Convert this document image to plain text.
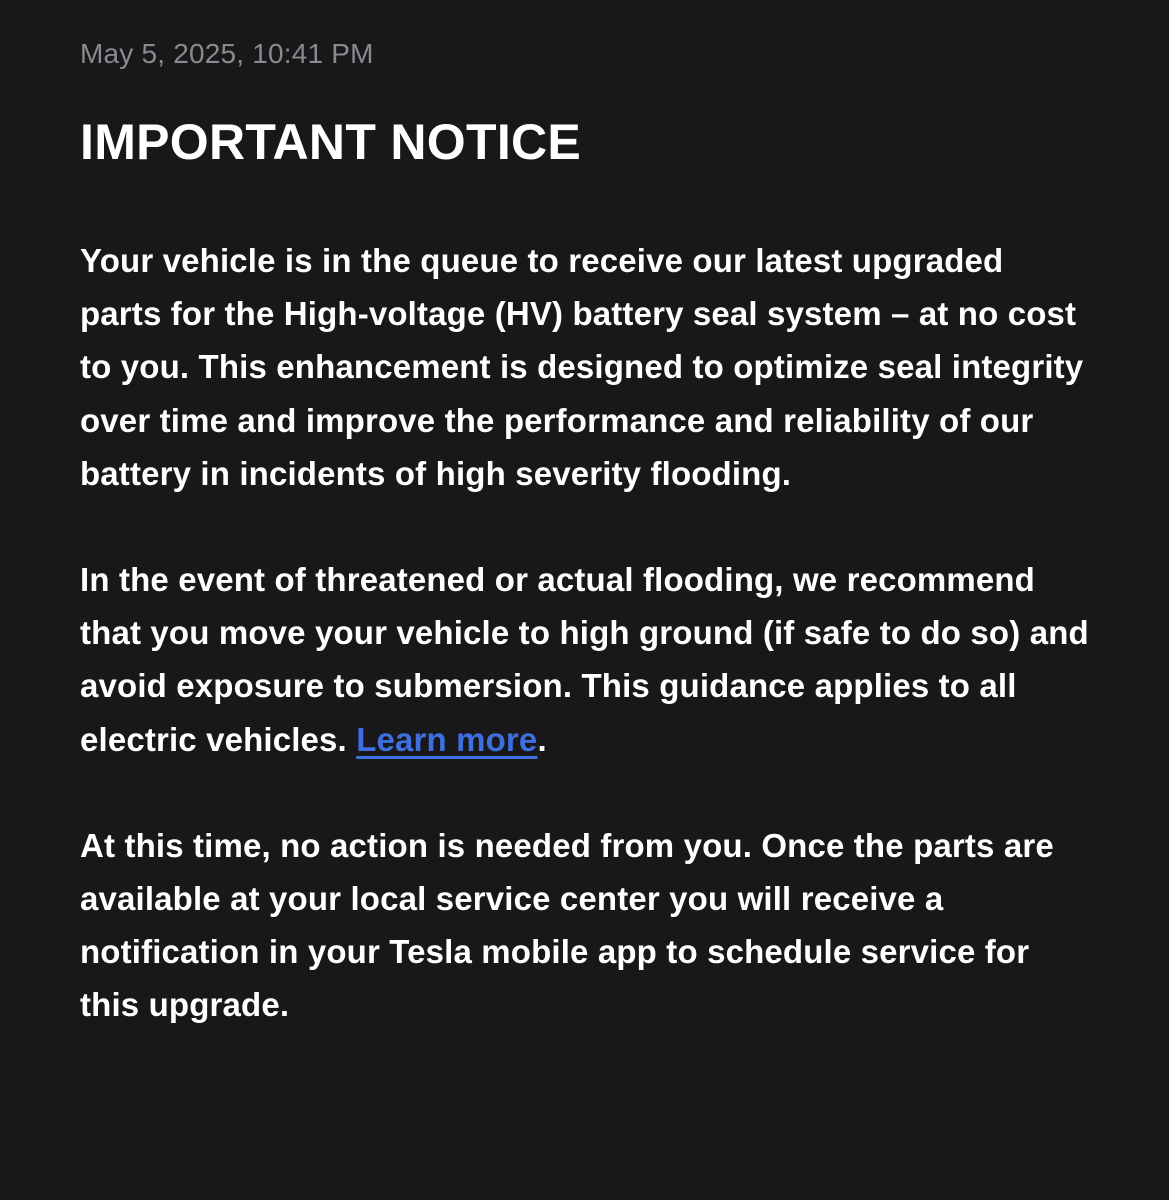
May 5, 2025, 10:41 PM

IMPORTANT NOTICE

Your vehicle is in the queue to receive our latest upgraded parts for the High-voltage (HV) battery seal system – at no cost to you. This enhancement is designed to optimize seal integrity over time and improve the performance and reliability of our battery in incidents of high severity flooding.

In the event of threatened or actual flooding, we recommend that you move your vehicle to high ground (if safe to do so) and avoid exposure to submersion. This guidance applies to all electric vehicles. Learn more.

At this time, no action is needed from you. Once the parts are available at your local service center you will receive a notification in your Tesla mobile app to schedule service for this upgrade.
